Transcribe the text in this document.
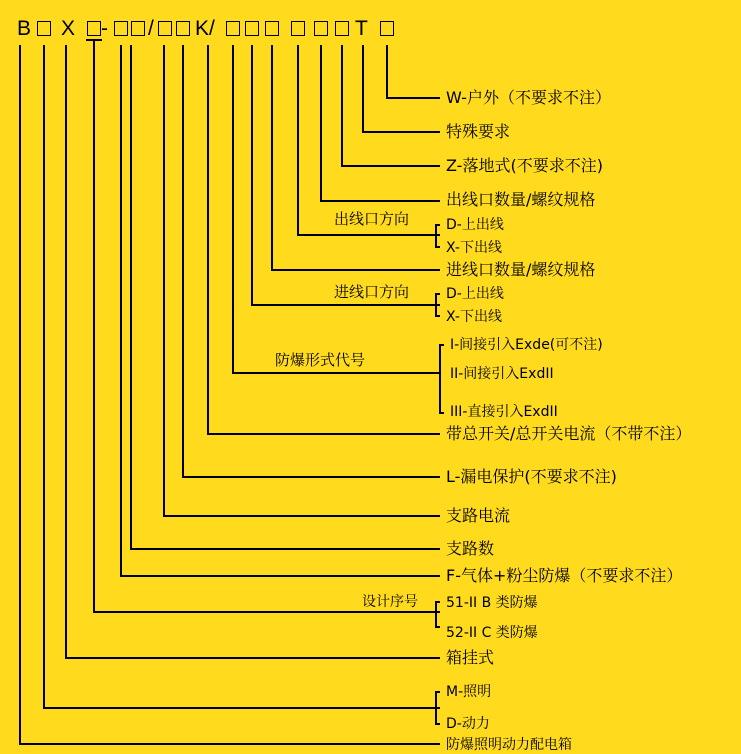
B X - / K/	T
W-户外（不要求不注）
特殊要求
Z-落地式(不要求不注)
出线口数量/螺纹规格
D-上出线
X-下出线
进线口数量/螺纹规格
D-上出线
X-下出线
I-间接引入Exde(可不注)
II-间接引入ExdII
III-直接引入ExdII
带总开关/总开关电流（不带不注）
L-漏电保护(不要求不注)
支路电流
支路数
F-气体+粉尘防爆（不要求不注）
51-II B 类防爆
52-II C 类防爆
箱挂式
M-照明
D-动力
防爆照明动力配电箱
出线口方向
进线口方向
防爆形式代号
设计序号
